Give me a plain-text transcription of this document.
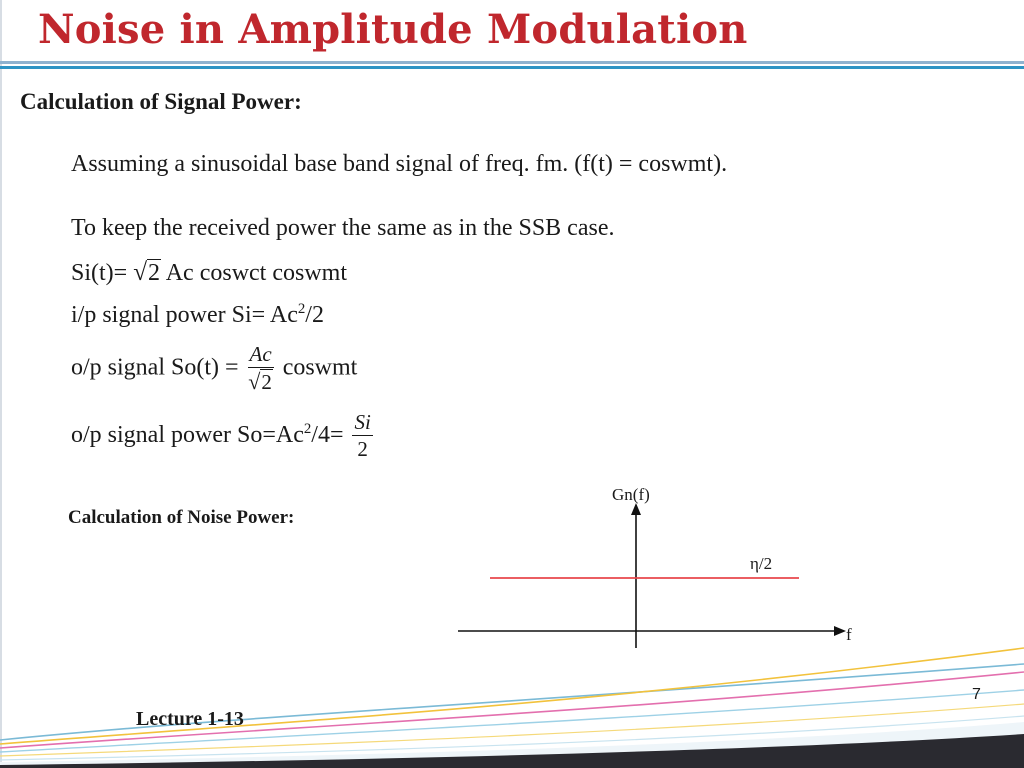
Noise in Amplitude Modulation
Calculation of Signal Power:
Assuming a sinusoidal base band signal of freq. fm. (f(t) = coswmt).
To keep the received power the same as in the SSB case.
Si(t)= √2 Ac coswct coswmt
i/p signal power $Si= Ac^2/2$
o/p signal $So(t) = \frac{Ac}{√2}$ coswmt
o/p signal power $So=Ac^2/4= \frac{Si}{2}$
Calculation of Noise Power:
Gn(f)
f
η/2
Lecture 1-13
7
